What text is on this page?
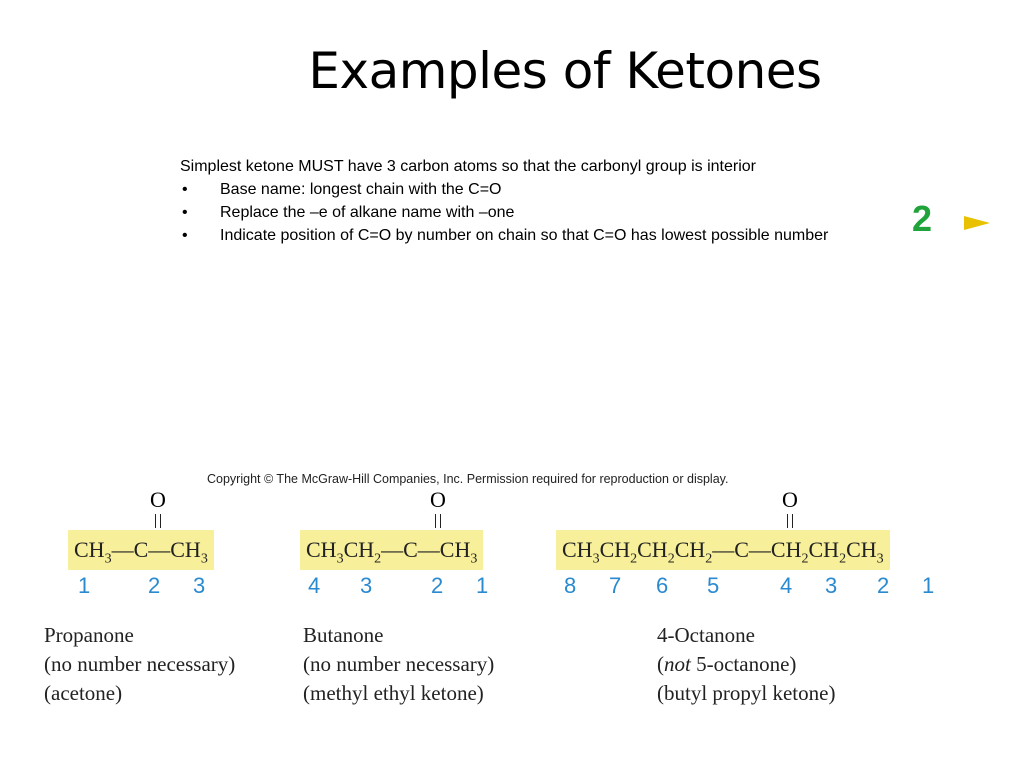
Examples of Ketones
Simplest ketone MUST have 3 carbon atoms so that the carbonyl group is interior
• Base name: longest chain with the C=O
• Replace the –e of alkane name with –one
• Indicate position of C=O by number on chain so that C=O has lowest possible number	2
Copyright © The McGraw-Hill Companies, Inc. Permission required for reproduction or display.
O
$CH_3—C—CH_3$
1	2 3
Propanone
(no number necessary)
(acetone)
O
$CH_3CH_2—C—CH_3$
4 3	2 1
Butanone
(no number necessary)
(methyl ethyl ketone)
O
$CH_3CH_2CH_2CH_2—C—CH_2CH_2CH_3$
8 7 6 5	4 3 2 1
4-Octanone
(not 5-octanone)
(butyl propyl ketone)
